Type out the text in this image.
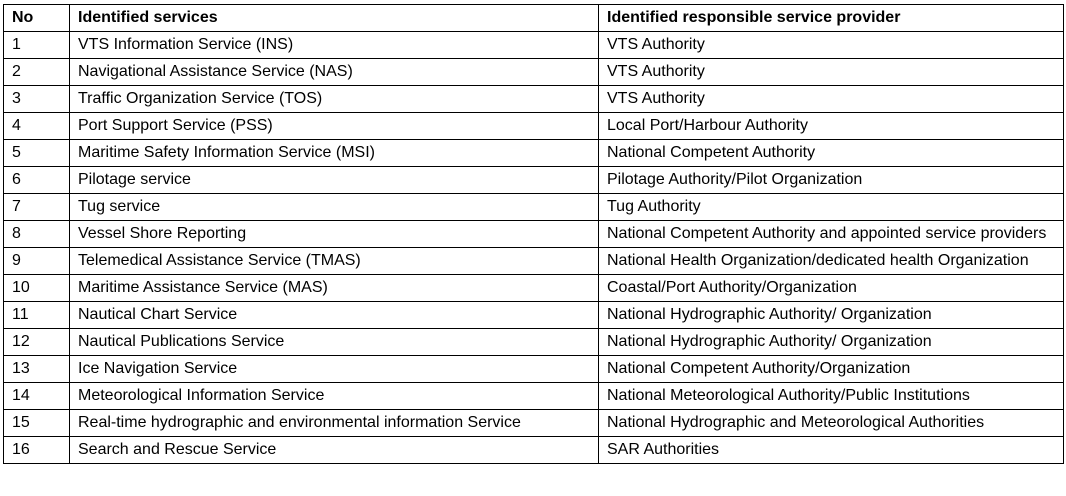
No	Identified services	Identified responsible service provider
1	VTS Information Service (INS)	VTS Authority
2	Navigational Assistance Service (NAS)	VTS Authority
3	Traffic Organization Service (TOS)	VTS Authority
4	Port Support Service (PSS)	Local Port/Harbour Authority
5	Maritime Safety Information Service (MSI)	National Competent Authority
6	Pilotage service	Pilotage Authority/Pilot Organization
7	Tug service	Tug Authority
8	Vessel Shore Reporting	National Competent Authority and appointed service providers
9	Telemedical Assistance Service (TMAS)	National Health Organization/dedicated health Organization
10	Maritime Assistance Service (MAS)	Coastal/Port Authority/Organization
11	Nautical Chart Service	National Hydrographic Authority/ Organization
12	Nautical Publications Service	National Hydrographic Authority/ Organization
13	Ice Navigation Service	National Competent Authority/Organization
14	Meteorological Information Service	National Meteorological Authority/Public Institutions
15	Real-time hydrographic and environmental information Service	National Hydrographic and Meteorological Authorities
16	Search and Rescue Service	SAR Authorities
